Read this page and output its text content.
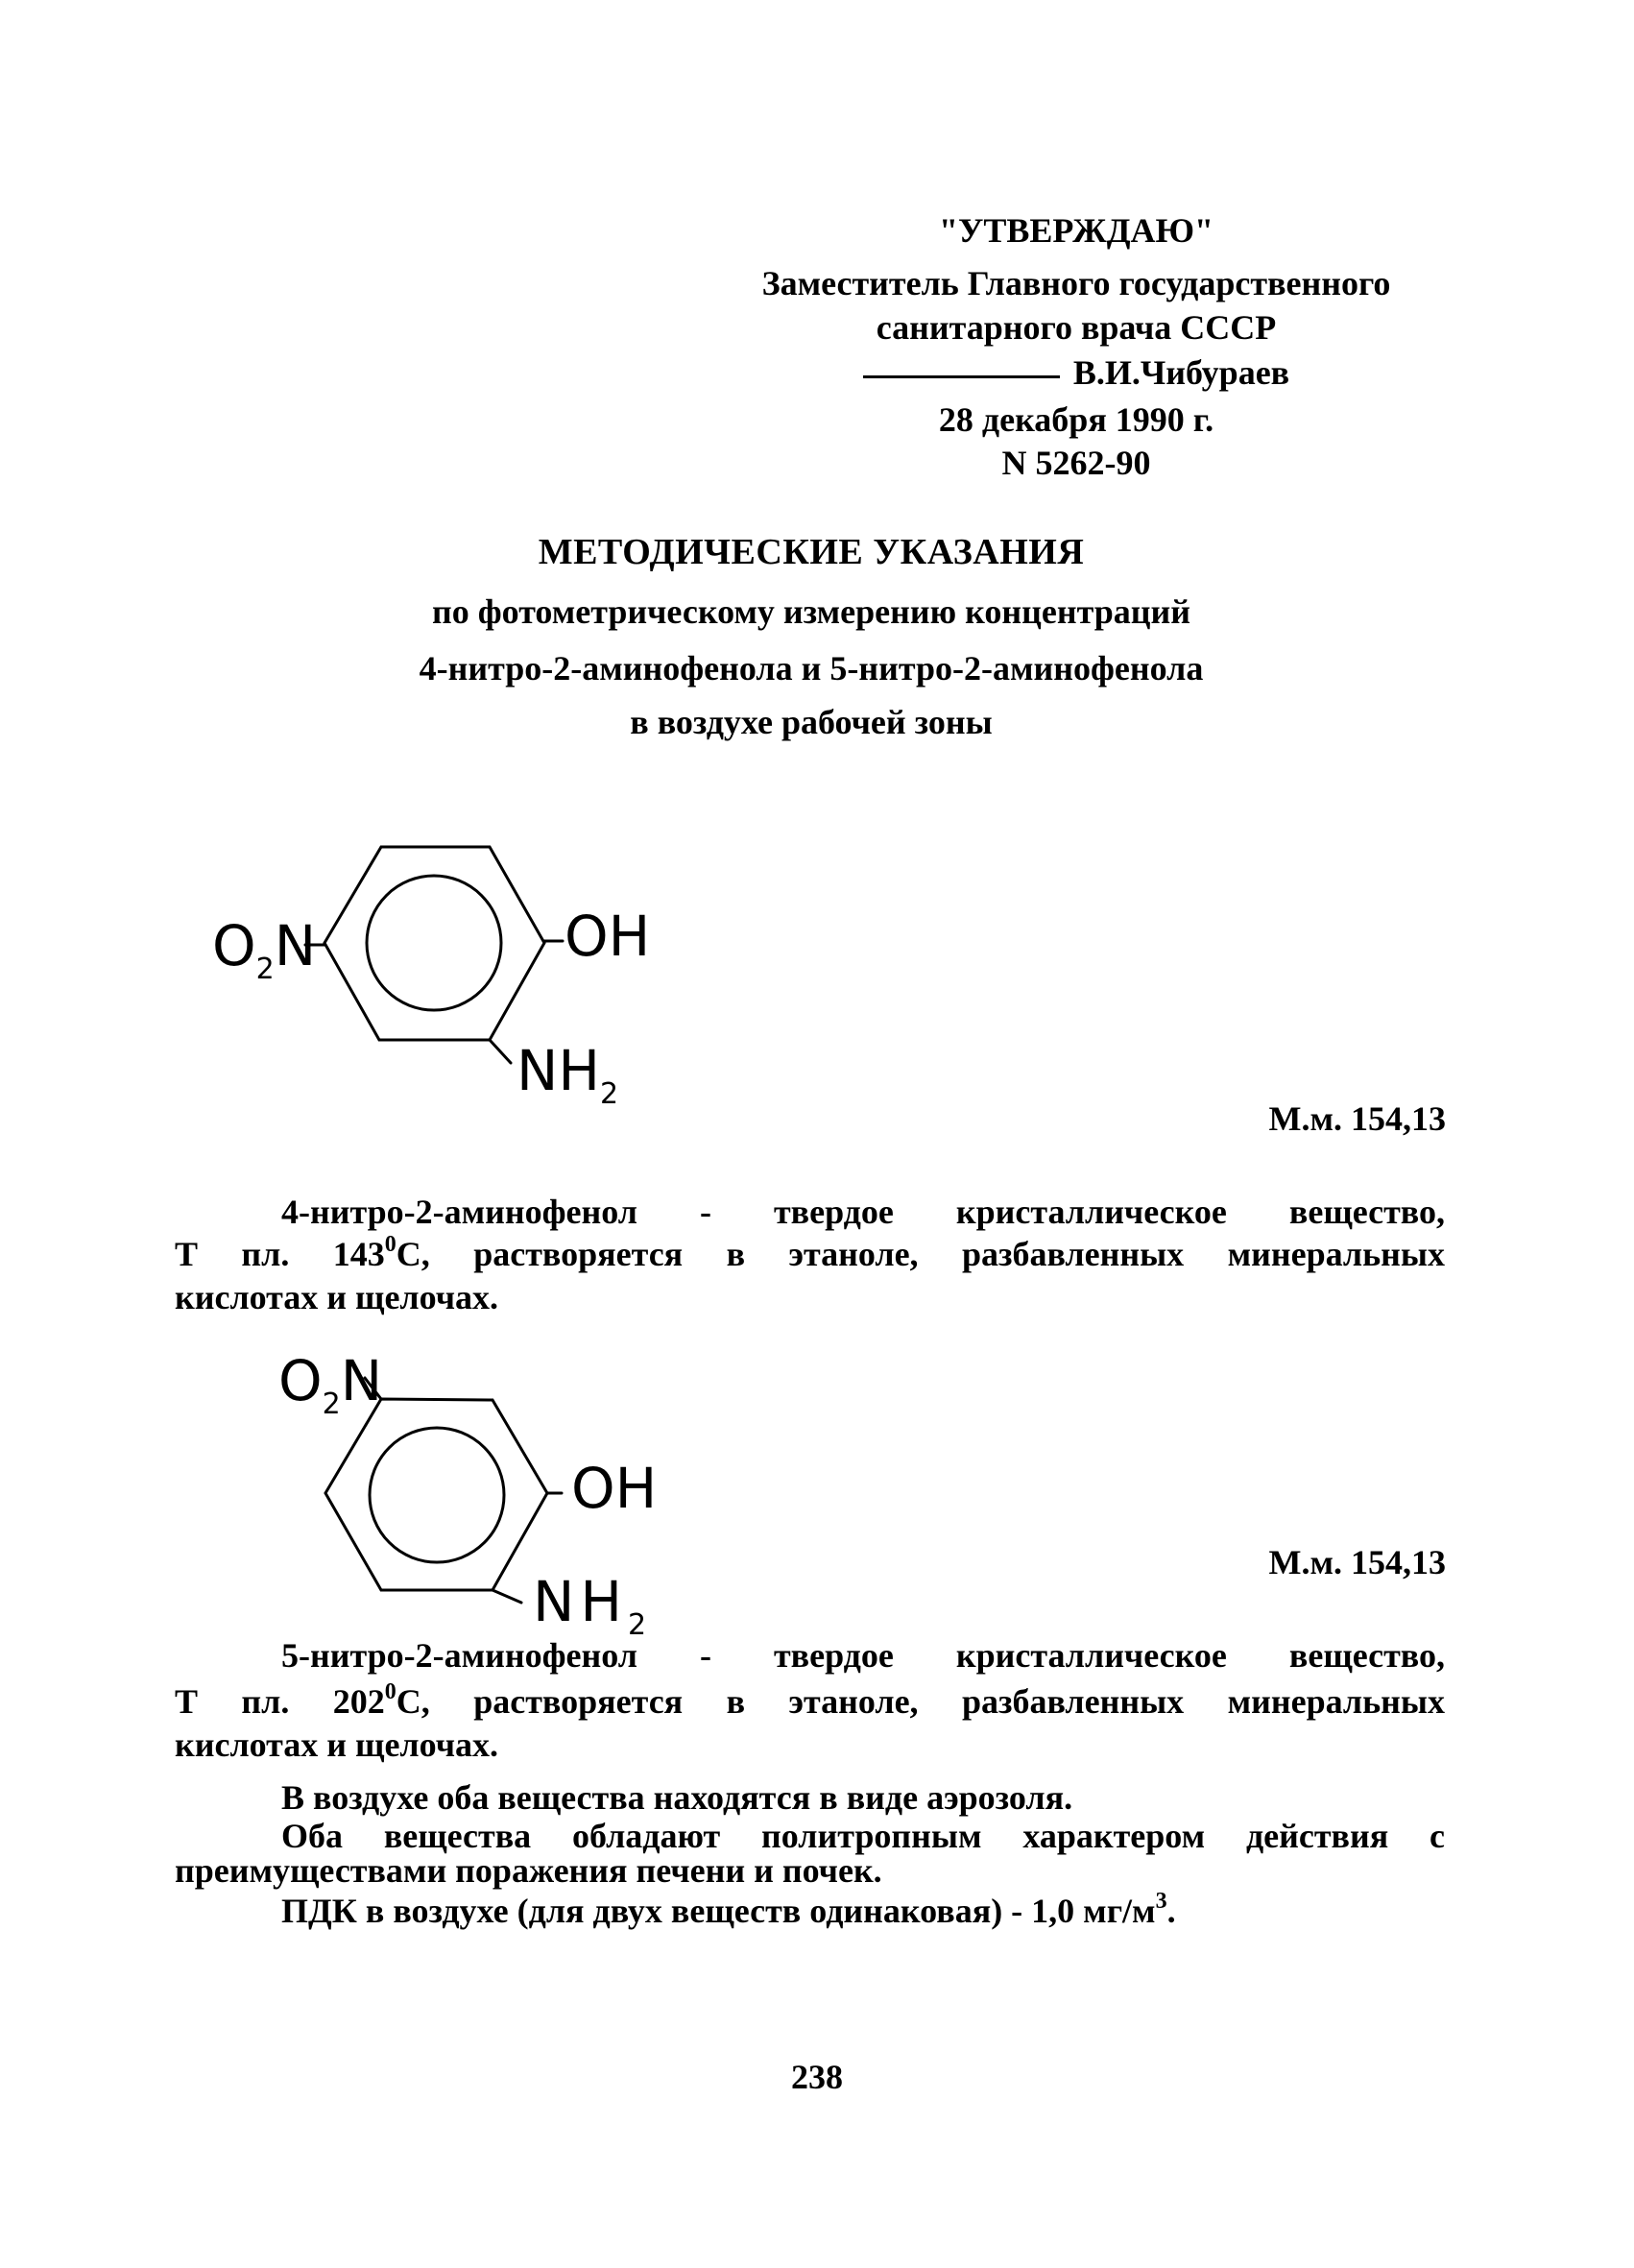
"УТВЕРЖДАЮ"
Заместитель Главного государственного
санитарного врача СССР
В.И.Чибураев
28 декабря 1990 г.
N 5262-90
МЕТОДИЧЕСКИЕ УКАЗАНИЯ
по фотометрическому измерению концентраций
4-нитро-2-аминофенола и 5-нитро-2-аминофенола
в воздухе рабочей зоны
$O_2N$	OH
$NH_2$
М.м. 154,13
4-нитро-2-аминофенол - твердое кристаллическое вещество,
Т пл. $143^0С$, растворяется в этаноле, разбавленных минеральных
кислотах и щелочах.
$O_2N$
OH
$NH_2$
М.м. 154,13
5-нитро-2-аминофенол - твердое кристаллическое вещество,
Т пл. $202^0С$, растворяется в этаноле, разбавленных минеральных
кислотах и щелочах.
В воздухе оба вещества находятся в виде аэрозоля.
Оба вещества обладают политропным характером действия с
преимуществами поражения печени и почек.
ПДК в воздухе (для двух веществ одинаковая) - 1,0 $мг/м^3$.
238
